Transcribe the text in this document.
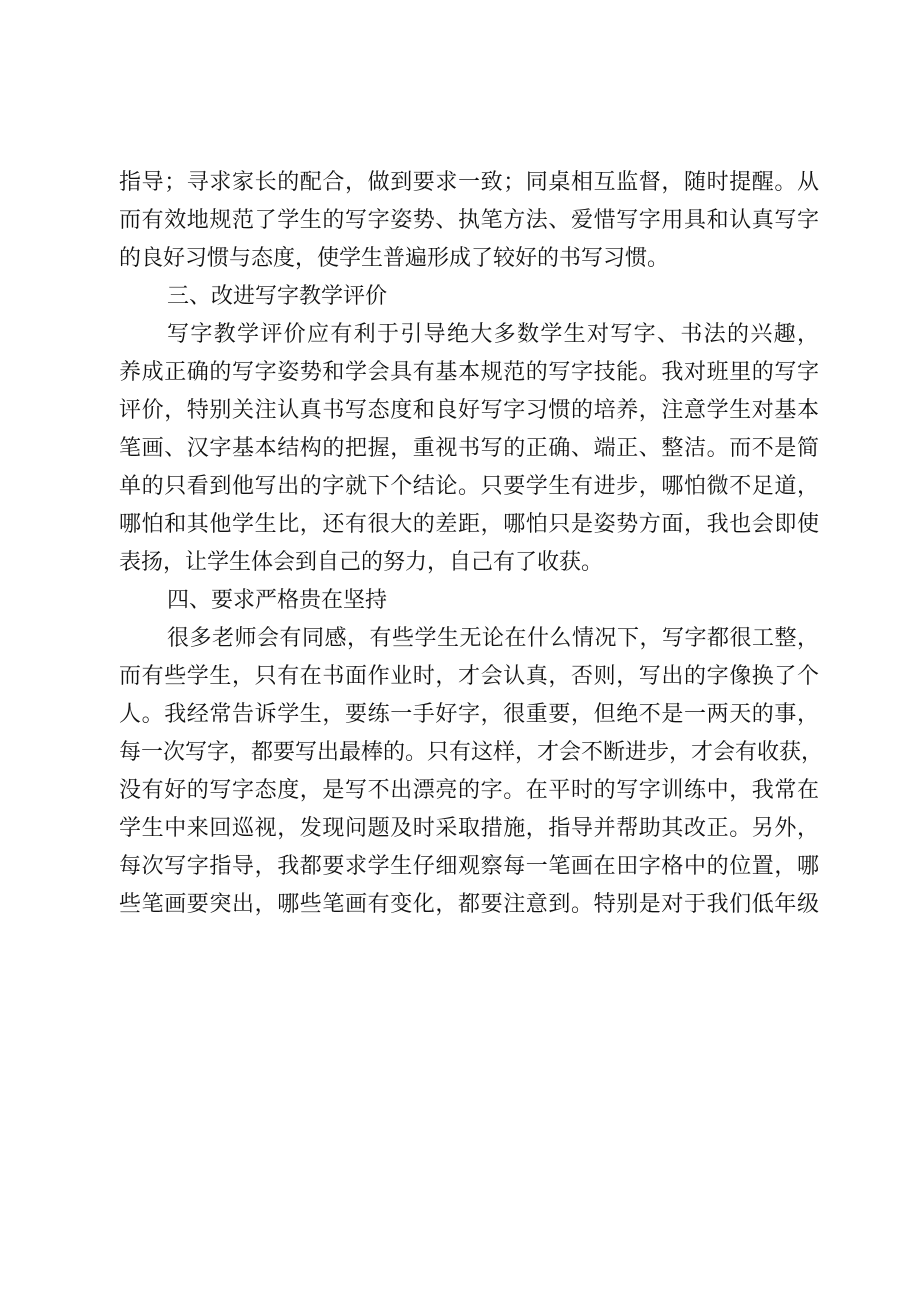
指导；寻求家长的配合，做到要求一致；同桌相互监督，随时提醒。从
而有效地规范了学生的写字姿势、执笔方法、爱惜写字用具和认真写字
的良好习惯与态度，使学生普遍形成了较好的书写习惯。
三、改进写字教学评价
写字教学评价应有利于引导绝大多数学生对写字、书法的兴趣，
养成正确的写字姿势和学会具有基本规范的写字技能。我对班里的写字
评价，特别关注认真书写态度和良好写字习惯的培养，注意学生对基本
笔画、汉字基本结构的把握，重视书写的正确、端正、整洁。而不是简
单的只看到他写出的字就下个结论。只要学生有进步，哪怕微不足道，
哪怕和其他学生比，还有很大的差距，哪怕只是姿势方面，我也会即使
表扬，让学生体会到自己的努力，自己有了收获。
四、要求严格贵在坚持
很多老师会有同感，有些学生无论在什么情况下，写字都很工整，
而有些学生，只有在书面作业时，才会认真，否则，写出的字像换了个
人。我经常告诉学生，要练一手好字，很重要，但绝不是一两天的事，
每一次写字，都要写出最棒的。只有这样，才会不断进步，才会有收获，
没有好的写字态度，是写不出漂亮的字。在平时的写字训练中，我常在
学生中来回巡视，发现问题及时采取措施，指导并帮助其改正。另外，
每次写字指导，我都要求学生仔细观察每一笔画在田字格中的位置，哪
些笔画要突出，哪些笔画有变化，都要注意到。特别是对于我们低年级
